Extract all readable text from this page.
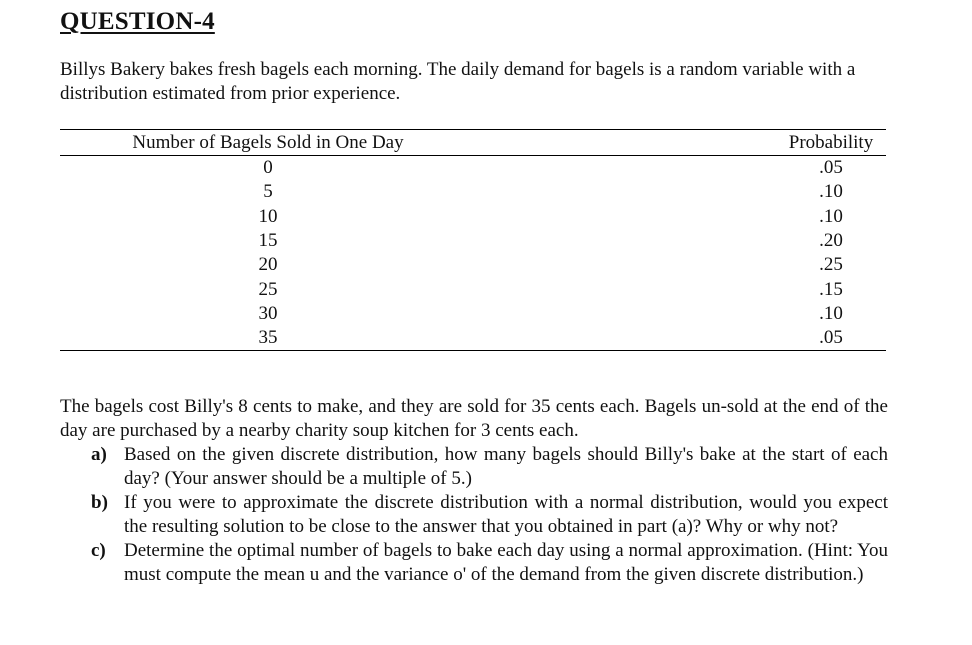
QUESTION-4

Billys Bakery bakes fresh bagels each morning. The daily demand for bagels is a random variable with a distribution estimated from prior experience.

Number of Bagels Sold in One Day	Probability
0	.05
5	.10
10	.10
15	.20
20	.25
25	.15
30	.10
35	.05

The bagels cost Billy's 8 cents to make, and they are sold for 35 cents each. Bagels un-sold at the end of the day are purchased by a nearby charity soup kitchen for 3 cents each.

a) Based on the given discrete distribution, how many bagels should Billy's bake at the start of each day? (Your answer should be a multiple of 5.)
b) If you were to approximate the discrete distribution with a normal distribution, would you expect the resulting solution to be close to the answer that you obtained in part (a)? Why or why not?
c) Determine the optimal number of bagels to bake each day using a normal approximation. (Hint: You must compute the mean u and the variance o' of the demand from the given discrete distribution.)
